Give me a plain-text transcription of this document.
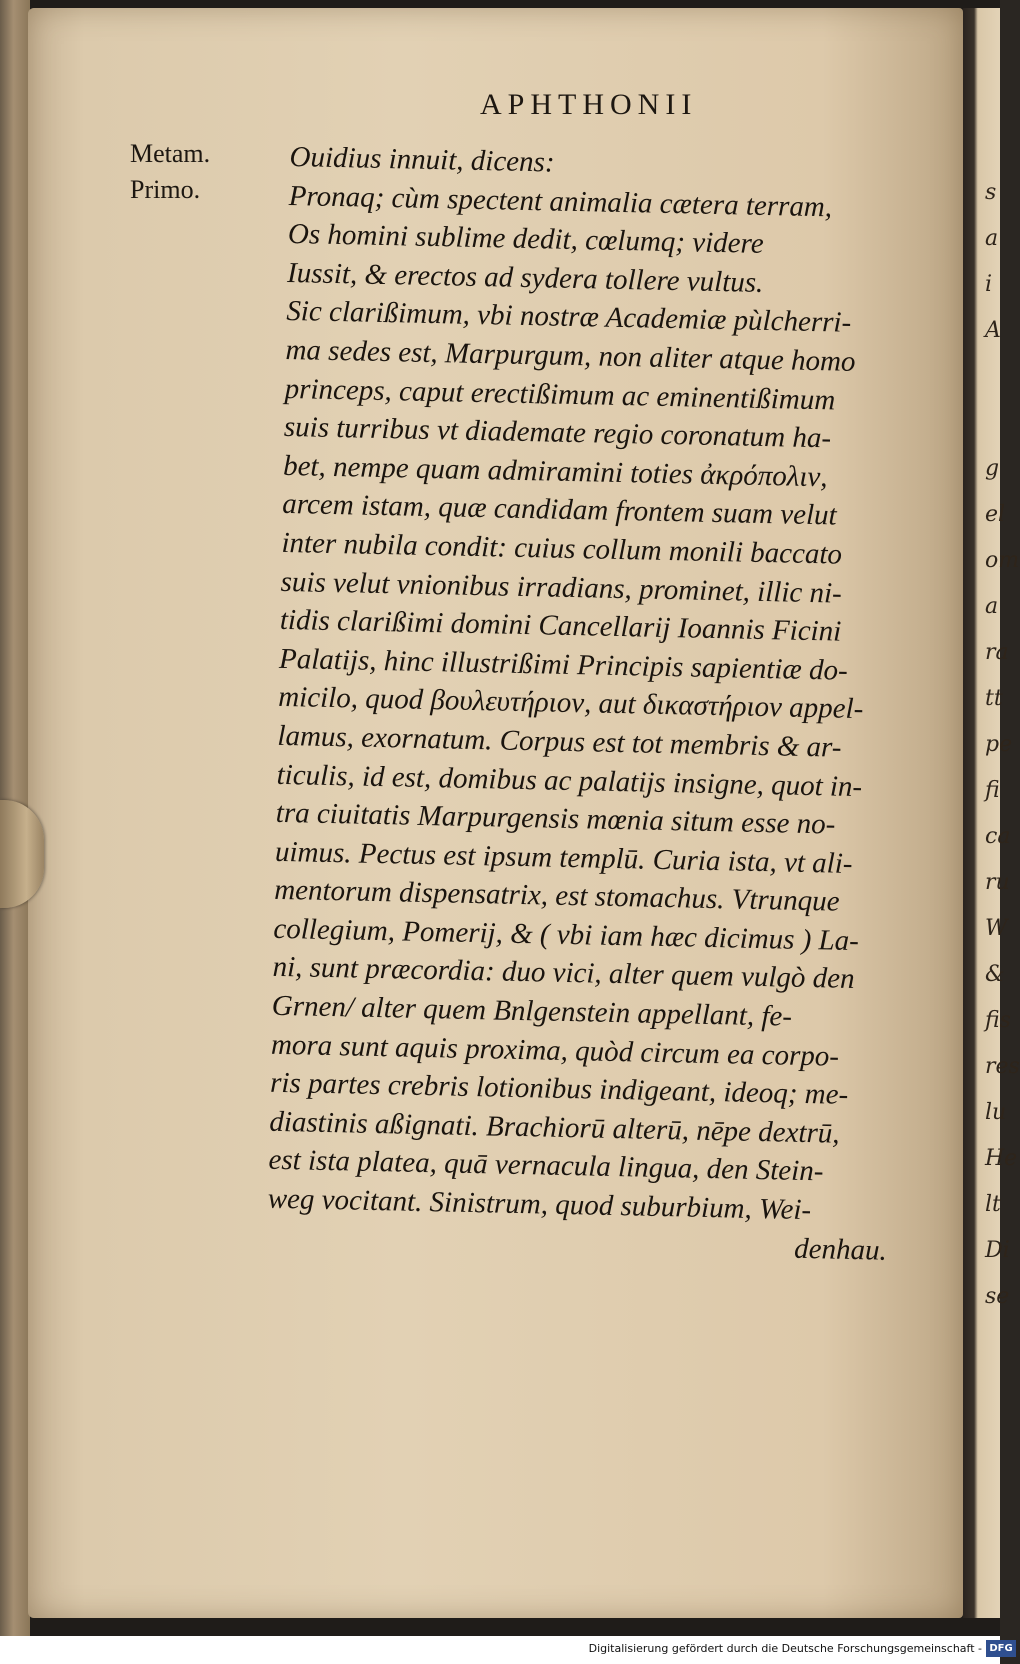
s
a
i
A

g
el
om
a
ra
tt
pe
fi
ca
ru
W
&
fis
res
lu
He
lt
Di
se
APHTHONII
Metam.
Primo.
Ouidius innuit, dicens:
Pronaq; cùm spectent animalia cætera terram,
Os homini sublime dedit, cœlumq; videre
Iussit, & erectos ad sydera tollere vultus.
Sic clarißimum, vbi nostræ Academiæ pùlcherri-
ma sedes est, Marpurgum, non aliter atque homo
princeps, caput erectißimum ac eminentißimum
suis turribus vt diademate regio coronatum ha-
bet, nempe quam admiramini toties ἀκρόπολιν,
arcem istam, quæ candidam frontem suam velut
inter nubila condit: cuius collum monili baccato
suis velut vnionibus irradians, prominet, illic ni-
tidis clarißimi domini Cancellarij Ioannis Ficini
Palatijs, hinc illustrißimi Principis sapientiæ do-
micilo, quod βουλευτήριον, aut δικαστήριον appel-
lamus, exornatum. Corpus est tot membris & ar-
ticulis, id est, domibus ac palatijs insigne, quot in-
tra ciuitatis Marpurgensis mœnia situm esse no-
uimus. Pectus est ipsum templū. Curia ista, vt ali-
mentorum dispensatrix, est stomachus. Vtrunque
collegium, Pomerij, & ( vbi iam hæc dicimus ) La-
ni, sunt præcordia: duo vici, alter quem vulgò den
Grnen/ alter quem Bnlgenstein appellant, fe-
mora sunt aquis proxima, quòd circum ea corpo-
ris partes crebris lotionibus indigeant, ideoq; me-
diastinis aßignati. Brachiorū alterū, nēpe dextrū,
est ista platea, quā vernacula lingua, den Stein-
weg vocitant. Sinistrum, quod suburbium, Wei-
denhau.
Digitalisierung gefördert durch die Deutsche Forschungsgemeinschaft - DFG
